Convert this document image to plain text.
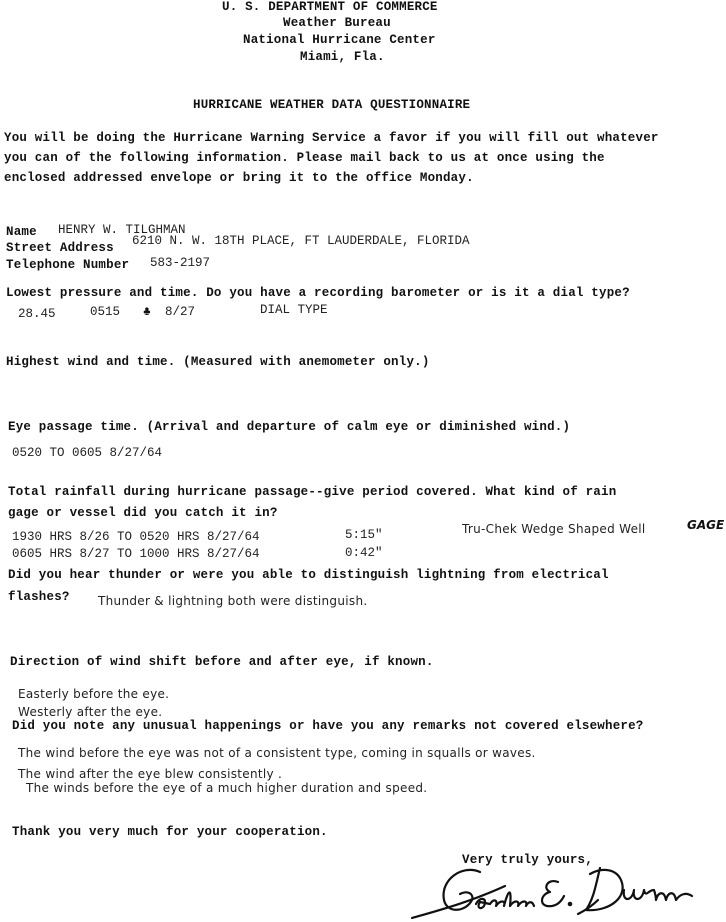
U. S. DEPARTMENT OF COMMERCE
Weather Bureau
National Hurricane Center
Miami, Fla.
HURRICANE WEATHER DATA QUESTIONNAIRE
You will be doing the Hurricane Warning Service a favor if you will fill out whatever
you can of the following information. Please mail back to us at once using the
enclosed addressed envelope or bring it to the office Monday.
Name HENRY W. TILGHMAN
Street Address 6210 N. W. 18TH PLACE, FT LAUDERDALE, FLORIDA
Telephone Number 583-2197
Lowest pressure and time. Do you have a recording barometer or is it a dial type?
28.45	0515 ♣ 8/27	DIAL TYPE
Highest wind and time. (Measured with anemometer only.)
Eye passage time. (Arrival and departure of calm eye or diminished wind.)
0520 TO 0605 8/27/64
Total rainfall during hurricane passage--give period covered. What kind of rain
gage or vessel did you catch it in?
1930 HRS 8/26 TO 0520 HRS 8/27/64	5:15"	Tru-Chek Wedge Shaped Well	GAGE
0605 HRS 8/27 TO 1000 HRS 8/27/64	0:42"
Did you hear thunder or were you able to distinguish lightning from electrical
flashes? Thunder & lightning both were distinguish.
Direction of wind shift before and after eye, if known.
Easterly before the eye.
Westerly after the eye.
Did you note any unusual happenings or have you any remarks not covered elsewhere?
The wind before the eye was not of a consistent type, coming in squalls or waves.
The wind after the eye blew consistently .
The winds before the eye of a much higher duration and speed.
Thank you very much for your cooperation.
Very truly yours,
